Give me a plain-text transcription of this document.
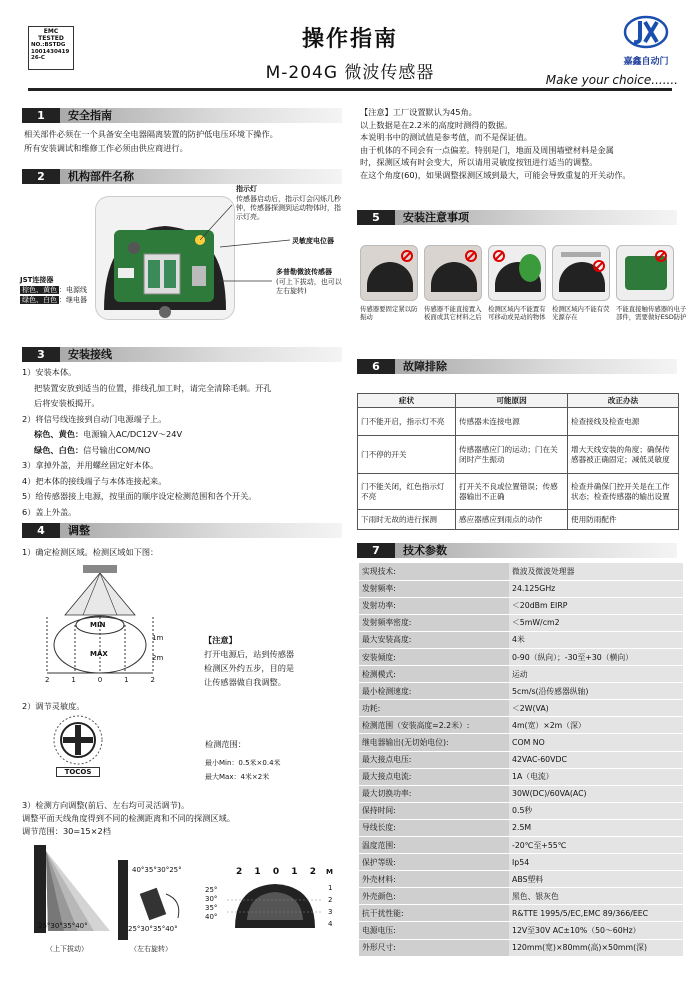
EMC TESTED
NO.:BSTDG
1001430419
26-C
操作指南
M-204G 微波传感器
嘉鑫自动门
Make your choice.......
1	安全指南
相关部件必须在一个具备安全电器隔离装置的防护低电压环境下操作。
所有安装调试和维修工作必须由供应商进行。
2	机构部件名称
指示灯
传感器启动后，指示灯会闪烁几秒钟，传感器探测到运动物体时，指示灯亮。
灵敏度电位器
多普勒微波传感器
(可上下拔动，也可以左右旋转)
JST连接器
棕色、黄色 ：电源线
绿色、白色 ：继电器
3	安装接线
1）安装本体。
把装置安放到适当的位置，排线孔加工时，请完全清除毛刺。开孔
后将安装板揭开。
2）将信号线连接到自动门电源端子上。
棕色、黄色：电源输入AC/DC12V～24V
绿色、白色：信号输出COM/NO
3）拿掉外盖，并用螺丝固定好本体。
4）把本体的接线端子与本体连接起来。
5）给传感器接上电源，按里面的顺序设定检测范围和各个开关。
6）盖上外盖。
4	调整
1）确定检测区域。检测区域如下图：
MIN
MAX
1m
2m
2	1	0	1	2
【注意】
打开电源后，站到传感器
检测区外约五步，目的是
让传感器做自我调整。
2）调节灵敏度。
TOCOS
检测范围：
最小Min：0.5米×0.4米
最大Max：4米×2米
3）检测方向调整(前后、左右均可灵活调节)。
调整平面天线角度得到不同的检测距离和不同的探测区域。
调节范围：30=15×2档
25°30°35°40°
（上下拔动）
40°35°30°25°
25°30°35°40°
（左右旋转）
2 1 0 1 2 M
1
2
3
4
25°
30°
35°
40°
【注意】工厂设置默认为45角。
以上数据是在2.2米的高度时测得的数据。
本说明书中的测试值是参考值，而不是保证值。
由于机体的不同会有一点偏差。特别是门，地面及周围墙壁材料是金属
时，探测区域有时会变大，所以请用灵敏度按钮进行适当的调整。
在这个角度(60)，如果调整探测区域到最大，可能会导致重复的开关动作。
5	安装注意事项
传感器要固定紧以防振动
传感器不能直接置入板面或其它材料之后
检测区域内不能置有可移动或晃动的物体
检测区域内不能有荧光源存在
不能直接触传感器的电子部件，需要做好ESD防护
6	故障排除
症状	可能原因	改正办法
门不能开启，指示灯不亮	传感器未连接电源	检查接线及检查电源
门不停的开关	传感器感应门的运动；门在关闭时产生振动	增大天线安装的角度；确保传感器被正确固定；减低灵敏度
门不能关闭，红色指示灯不亮	打开关不良或位置错误；传感器输出不正确	检查并确保门控开关是在工作状态；检查传感器的输出设置
下雨时无故的进行探测	感应器感应到雨点的动作	使用防雨配件
7	技术参数
实现技术:	微波及微波处理器
发射频率:	24.125GHz
发射功率:	＜20dBm EIRP
发射频率密度:	＜5mW/cm2
最大安装高度:	4米
安装倾度:	0-90（纵向）；-30至+30（横向）
检测模式:	运动
最小检测速度:	5cm/s(沿传感器纵轴)
功耗:	＜2W(VA)
检测范围（安装高度=2.2米）:	4m(宽）×2m（深）
继电器输出(无切始电位):	COM NO
最大接点电压:	42VAC-60VDC
最大接点电流:	1A（电流）
最大切换功率:	30W(DC)/60VA(AC)
保持时间:	0.5秒
导线长度:	2.5M
温度范围:	-20℃至+55℃
保护等级:	Ip54
外壳材料:	ABS塑料
外壳颜色:	黑色、银灰色
抗干扰性能:	R&TTE 1995/5/EC,EMC 89/366/EEC
电源电压:	12V至30V AC±10%（50～60Hz）
外形尺寸:	120mm(宽)×80mm(高)×50mm(深)
